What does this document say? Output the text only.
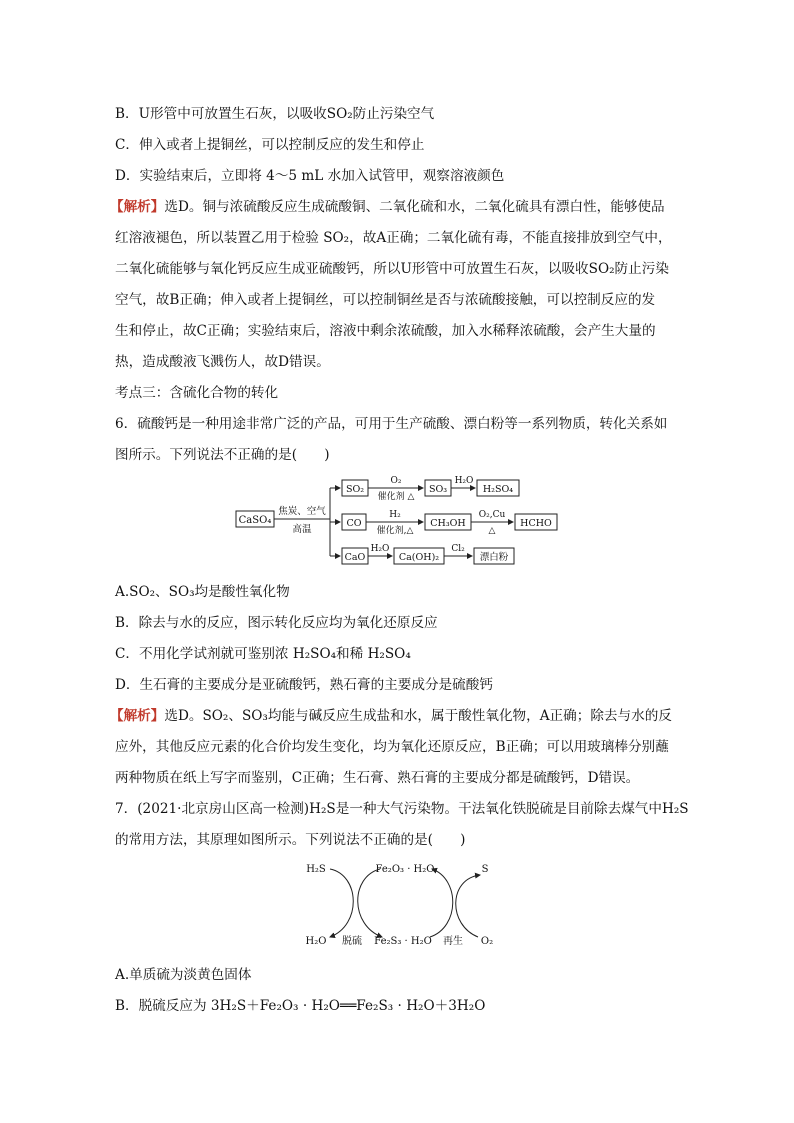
B．U形管中可放置生石灰，以吸收SO₂防止污染空气
C．伸入或者上提铜丝，可以控制反应的发生和停止
D．实验结束后，立即将 4～5 mL 水加入试管甲，观察溶液颜色
【解析】选D。铜与浓硫酸反应生成硫酸铜、二氧化硫和水，二氧化硫具有漂白性，能够使品
红溶液褪色，所以装置乙用于检验 SO₂，故A正确；二氧化硫有毒，不能直接排放到空气中，
二氧化硫能够与氧化钙反应生成亚硫酸钙，所以U形管中可放置生石灰，以吸收SO₂防止污染
空气，故B正确；伸入或者上提铜丝，可以控制铜丝是否与浓硫酸接触，可以控制反应的发
生和停止，故C正确；实验结束后，溶液中剩余浓硫酸，加入水稀释浓硫酸，会产生大量的
热，造成酸液飞溅伤人，故D错误。
考点三：含硫化合物的转化
6．硫酸钙是一种用途非常广泛的产品，可用于生产硫酸、漂白粉等一系列物质，转化关系如
图所示。下列说法不正确的是(　　)
CaSO₄
焦炭、空气
高温
SO₂
O₂
催化剂 △
SO₃
H₂O
H₂SO₄
CO
H₂
催化剂,△
CH₃OH
O₂,Cu
△
HCHO
CaO
H₂O
Ca(OH)₂
Cl₂
漂白粉
A.SO₂、SO₃均是酸性氧化物
B．除去与水的反应，图示转化反应均为氧化还原反应
C．不用化学试剂就可鉴别浓 H₂SO₄和稀 H₂SO₄
D．生石膏的主要成分是亚硫酸钙，熟石膏的主要成分是硫酸钙
【解析】选D。SO₂、SO₃均能与碱反应生成盐和水，属于酸性氧化物，A正确；除去与水的反
应外，其他反应元素的化合价均发生变化，均为氧化还原反应，B正确；可以用玻璃棒分别蘸
两种物质在纸上写字而鉴别，C正确；生石膏、熟石膏的主要成分都是硫酸钙，D错误。
7．(2021·北京房山区高一检测)H₂S是一种大气污染物。干法氧化铁脱硫是目前除去煤气中H₂S
的常用方法，其原理如图所示。下列说法不正确的是(　　)
H₂S	Fe₂O₃ · H₂O	S
H₂O 脱硫 Fe₂S₃ · H₂O 再生 O₂
A.单质硫为淡黄色固体
B．脱硫反应为 3H₂S＋Fe₂O₃ · H₂O══Fe₂S₃ · H₂O＋3H₂O
